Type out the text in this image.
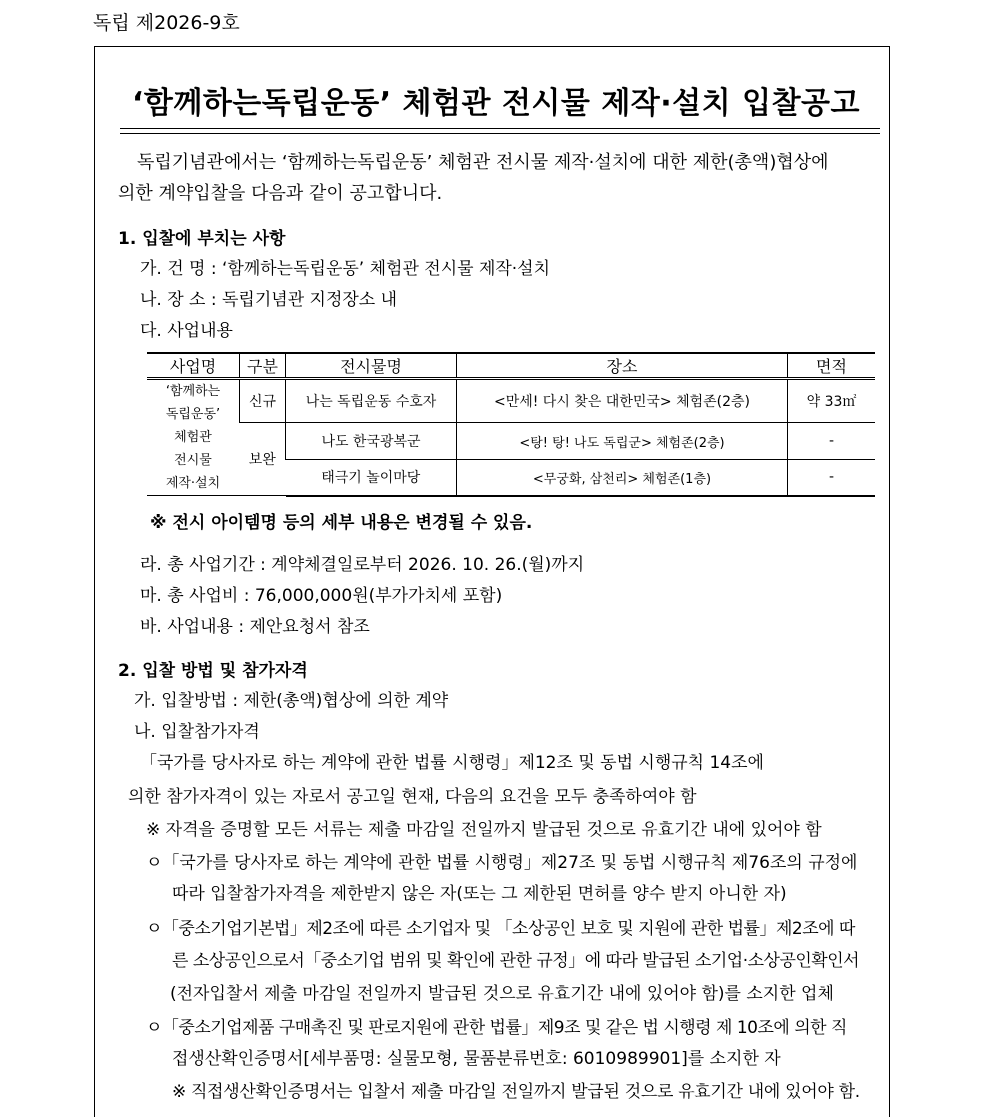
독립 제2026-9호
‘함께하는독립운동’ 체험관 전시물 제작·설치 입찰공고
독립기념관에서는 ‘함께하는독립운동’ 체험관 전시물 제작·설치에 대한 제한(총액)협상에
의한 계약입찰을 다음과 같이 공고합니다.
1. 입찰에 부치는 사항
가. 건 명 : ‘함께하는독립운동’ 체험관 전시물 제작·설치
나. 장 소 : 독립기념관 지정장소 내
다. 사업내용
사업명	구분	전시물명	장소	면적

‘함께하는
독립운동’
체험관
전시물
제작·설치	신규	나는 독립운동 수호자	<만세! 다시 찾은 대한민국> 체험존(2층)	약 33㎡
	보완	나도 한국광복군	<탕! 탕! 나도 독립군> 체험존(2층)	-
		태극기 놀이마당	<무궁화, 삼천리> 체험존(1층)	-
※ 전시 아이템명 등의 세부 내용은 변경될 수 있음.
라. 총 사업기간 : 계약체결일로부터 2026. 10. 26.(월)까지
마. 총 사업비 : 76,000,000원(부가가치세 포함)
바. 사업내용 : 제안요청서 참조
2. 입찰 방법 및 참가자격
가. 입찰방법 : 제한(총액)협상에 의한 계약
나. 입찰참가자격
「국가를 당사자로 하는 계약에 관한 법률 시행령」제12조 및 동법 시행규칙 14조에
의한 참가자격이 있는 자로서 공고일 현재, 다음의 요건을 모두 충족하여야 함
※ 자격을 증명할 모든 서류는 제출 마감일 전일까지 발급된 것으로 유효기간 내에 있어야 함
ㅇ「국가를 당사자로 하는 계약에 관한 법률 시행령」제27조 및 동법 시행규칙 제76조의 규정에
따라 입찰참가자격을 제한받지 않은 자(또는 그 제한된 면허를 양수 받지 아니한 자)
ㅇ「중소기업기본법」제2조에 따른 소기업자 및 「소상공인 보호 및 지원에 관한 법률」제2조에 따
른 소상공인으로서「중소기업 범위 및 확인에 관한 규정」에 따라 발급된 소기업·소상공인확인서
(전자입찰서 제출 마감일 전일까지 발급된 것으로 유효기간 내에 있어야 함)를 소지한 업체
ㅇ「중소기업제품 구매촉진 및 판로지원에 관한 법률」제9조 및 같은 법 시행령 제 10조에 의한 직
접생산확인증명서[세부품명: 실물모형, 물품분류번호: 6010989901]를 소지한 자
※ 직접생산확인증명서는 입찰서 제출 마감일 전일까지 발급된 것으로 유효기간 내에 있어야 함.
